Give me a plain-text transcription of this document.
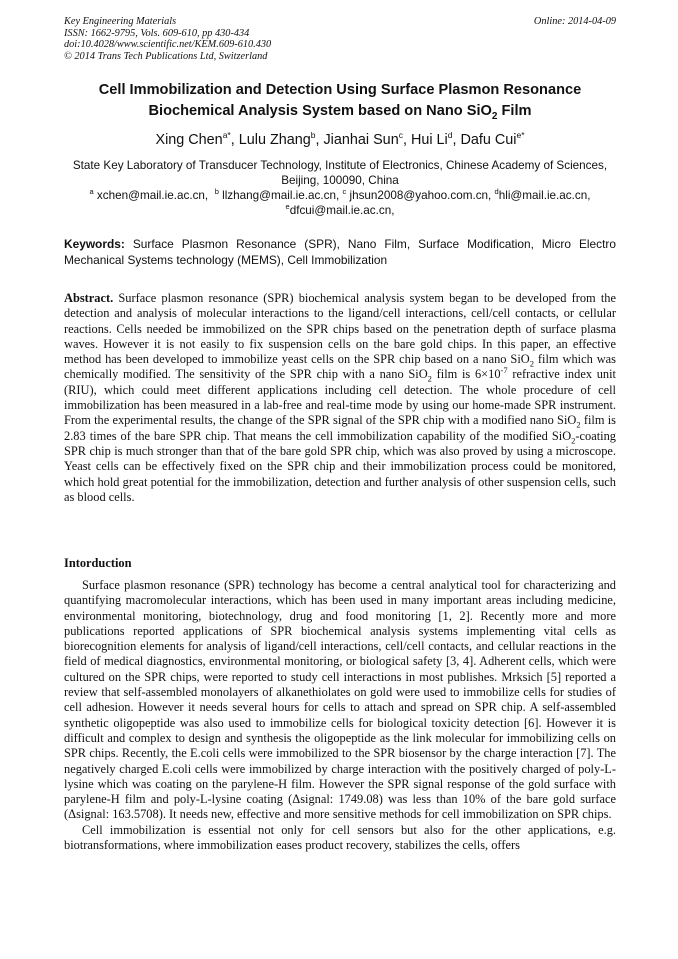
Key Engineering Materials
ISSN: 1662-9795, Vols. 609-610, pp 430-434
doi:10.4028/www.scientific.net/KEM.609-610.430
© 2014 Trans Tech Publications Ltd, Switzerland
Online: 2014-04-09
Cell Immobilization and Detection Using Surface Plasmon Resonance
Biochemical Analysis System based on Nano SiO$_2$ Film
Xing Chen$^{a*}$, Lulu Zhang$^b$, Jianhai Sun$^c$, Hui Li$^d$, Dafu Cui$^{e*}$
State Key Laboratory of Transducer Technology, Institute of Electronics, Chinese Academy of Sciences, Beijing, 100090, China
$^a$ xchen@mail.ie.ac.cn, $^b$ llzhang@mail.ie.ac.cn, $^c$ jhsun2008@yahoo.com.cn, $^d$hli@mail.ie.ac.cn,
$^e$dfcui@mail.ie.ac.cn,
Keywords: Surface Plasmon Resonance (SPR), Nano Film, Surface Modification, Micro Electro Mechanical Systems technology (MEMS), Cell Immobilization
Abstract. Surface plasmon resonance (SPR) biochemical analysis system began to be developed from the detection and analysis of molecular interactions to the ligand/cell interactions, cell/cell contacts, or cellular reactions. Cells needed be immobilized on the SPR chips based on the penetration depth of surface plasma waves. However it is not easily to fix suspension cells on the bare gold chips. In this paper, an effective method has been developed to immobilize yeast cells on the SPR chip based on a nano SiO$_2$ film which was chemically modified. The sensitivity of the SPR chip with a nano SiO$_2$ film is $6\times 10^{-7}$ refractive index unit (RIU), which could meet different applications including cell detection. The whole procedure of cell immobilization has been measured in a lab-free and real-time mode by using our home-made SPR instrument. From the experimental results, the change of the SPR signal of the SPR chip with a modified nano SiO$_2$ film is 2.83 times of the bare SPR chip. That means the cell immobilization capability of the modified SiO$_2$-coating SPR chip is much stronger than that of the bare gold SPR chip, which was also proved by using a microscope. Yeast cells can be effectively fixed on the SPR chip and their immobilization process could be monitored, which hold great potential for the immobilization, detection and further analysis of other suspension cells, such as blood cells.
Intorduction

Surface plasmon resonance (SPR) technology has become a central analytical tool for characterizing and quantifying macromolecular interactions, which has been used in many important areas including medicine, environmental monitoring, biotechnology, drug and food monitoring [1, 2]. Recently more and more publications reported applications of SPR biochemical analysis systems implementing vital cells as biorecognition elements for analysis of ligand/cell interactions, cell/cell contacts, and cellular reactions in the field of medical diagnostics, environmental monitoring, or biological safety [3, 4]. Adherent cells, which were cultured on the SPR chips, were reported to study cell interactions in most publishes. Mrksich [5] reported a review that self-assembled monolayers of alkanethiolates on gold were used to immobilize cells for studies of cell adhesion. However it needs several hours for cells to attach and spread on SPR chip. A self-assembled synthetic oligopeptide was also used to immobilize cells for biological toxicity detection [6]. However it is difficult and complex to design and synthesis the oligopeptide as the link molecular for immobilizing cells on SPR chips. Recently, the E.coli cells were immobilized to the SPR biosensor by the charge interaction [7]. The negatively charged E.coli cells were immobilized by charge interaction with the positively charged of poly-L-lysine which was coating on the parylene-H film. However the SPR signal response of the gold surface with parylene-H film and poly-L-lysine coating (Δsignal: 1749.08) was less than 10% of the bare gold surface (Δsignal: 163.5708). It needs new, effective and more sensitive methods for cell immobilization on SPR chips.

Cell immobilization is essential not only for cell sensors but also for the other applications, e.g. biotransformations, where immobilization eases product recovery, stabilizes the cells, offers
